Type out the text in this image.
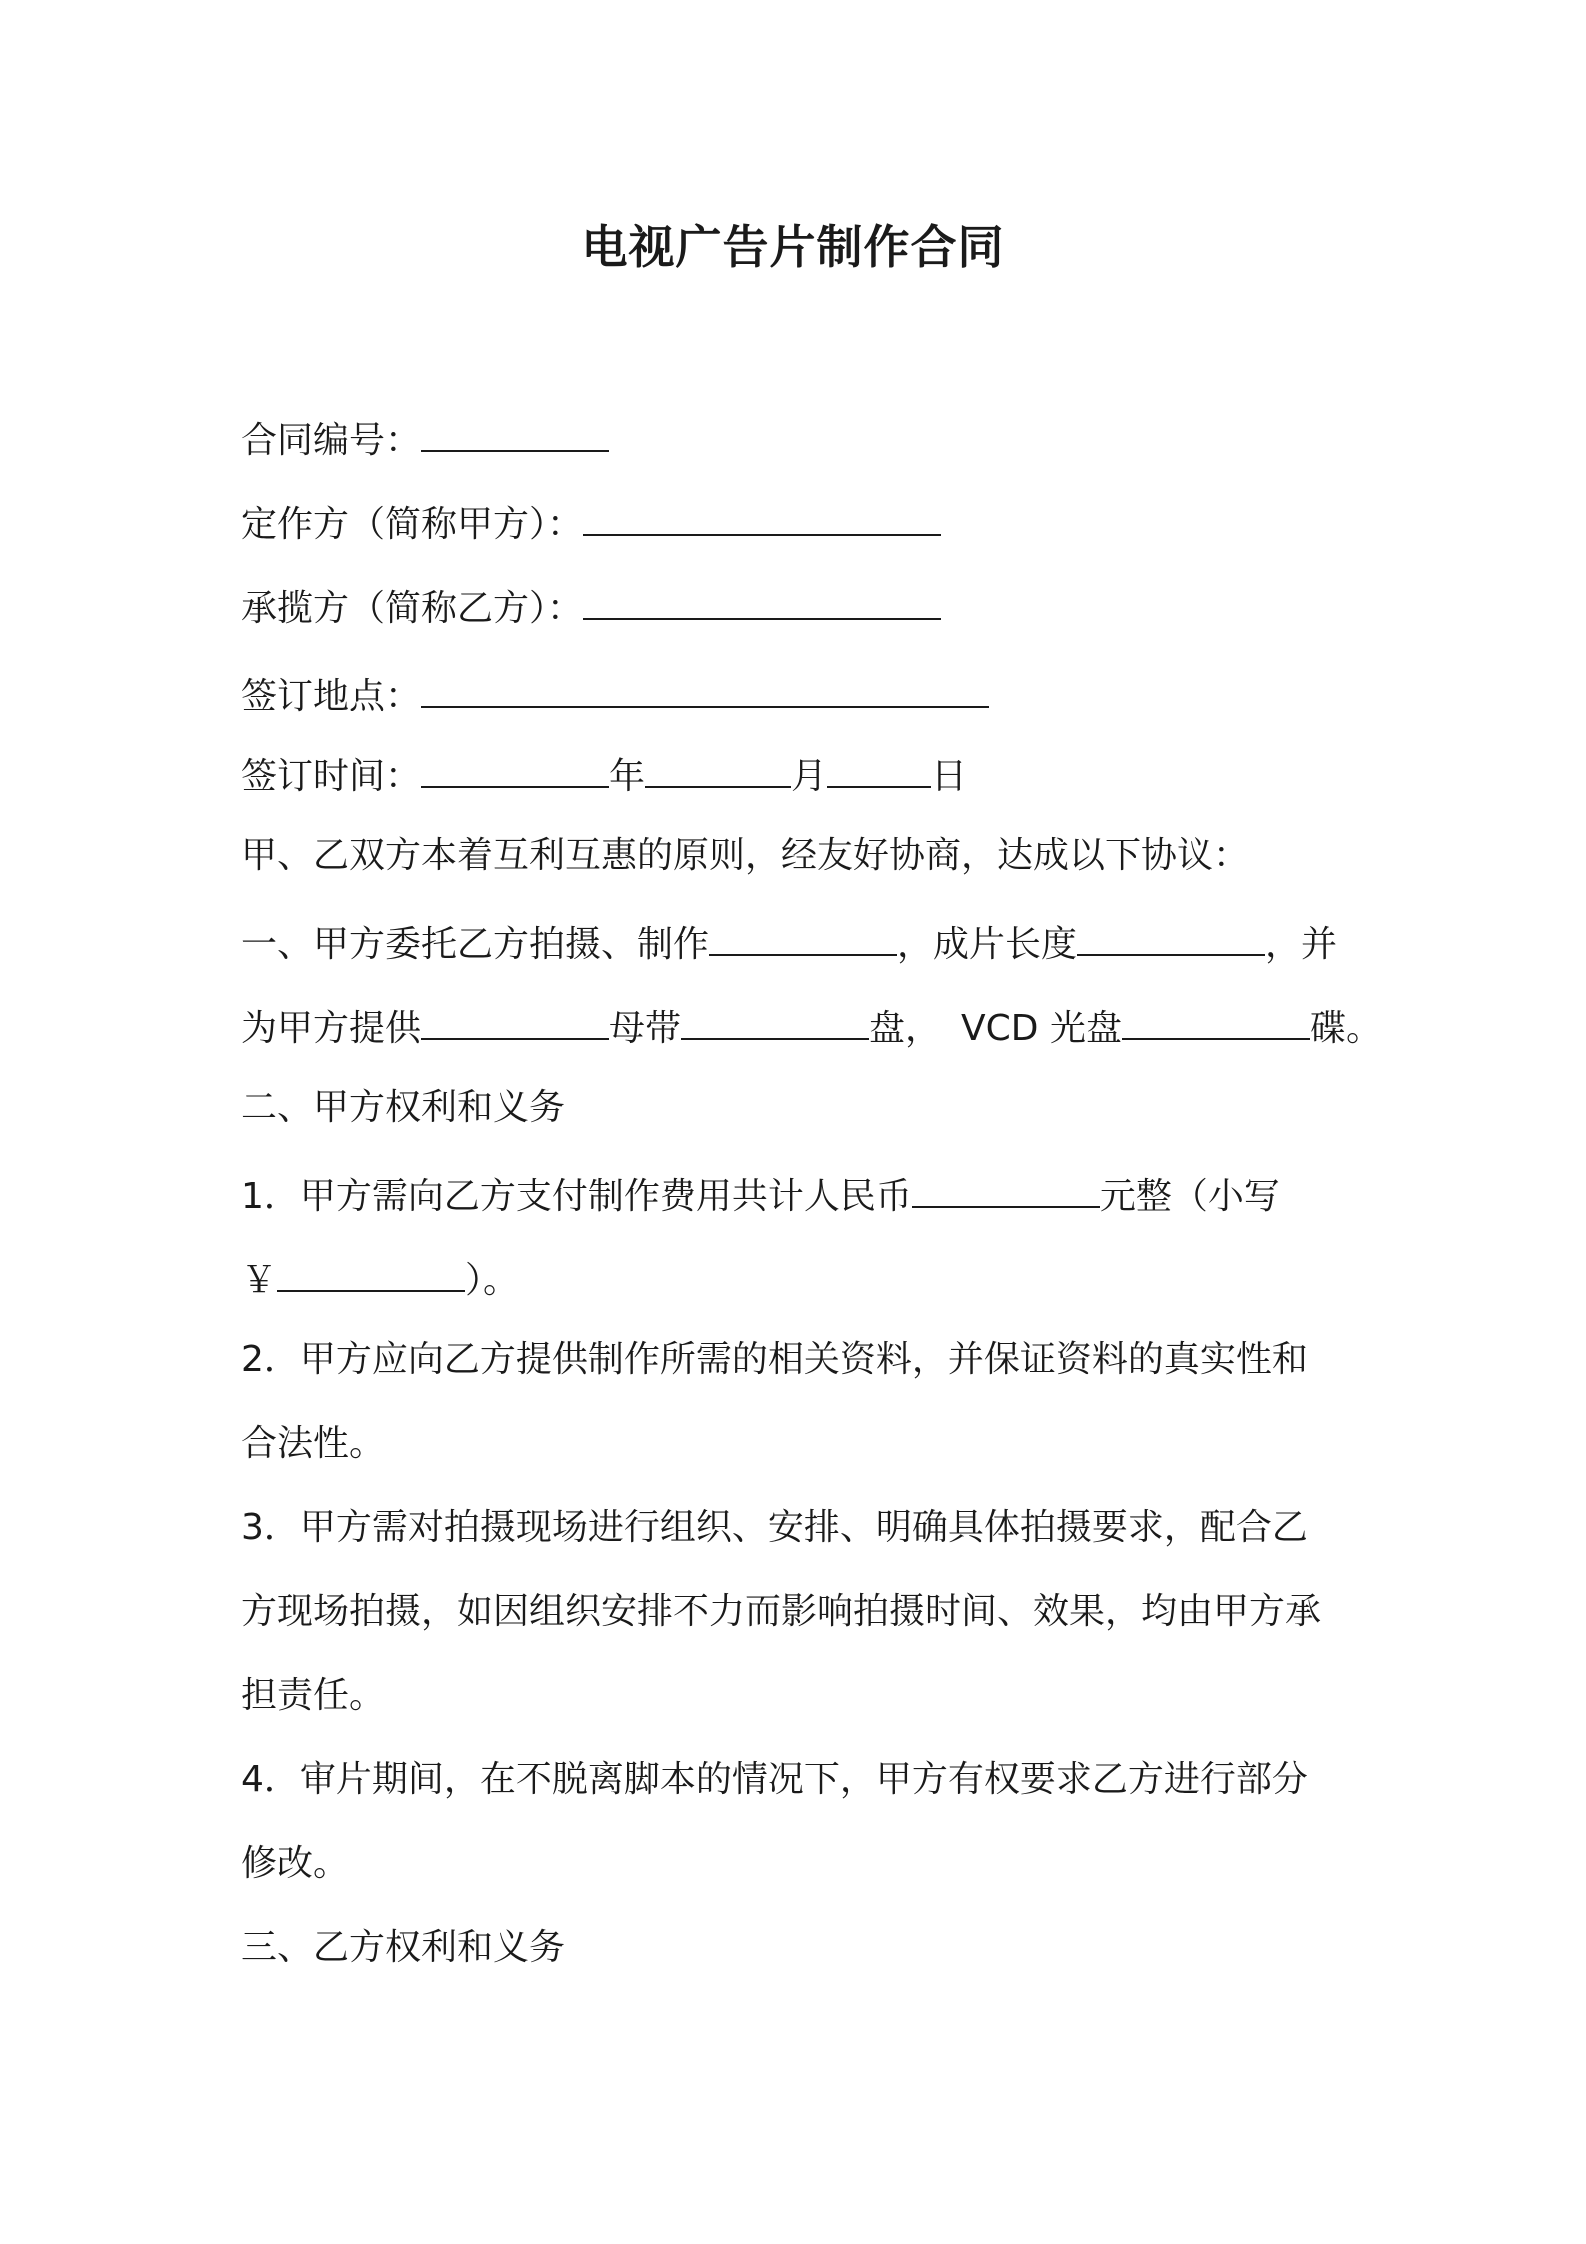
电视广告片制作合同
合同编号：
定作方（简称甲方）：
承揽方（简称乙方）：
签订地点：
签订时间：	年	月	日
甲、乙双方本着互利互惠的原则，经友好协商，达成以下协议：
一、甲方委托乙方拍摄、制作	，成片长度	，并
为甲方提供	母带	盘， VCD 光盘	碟。
二、甲方权利和义务
1．甲方需向乙方支付制作费用共计人民币	元整（小写
￥	）。
2．甲方应向乙方提供制作所需的相关资料，并保证资料的真实性和
合法性。
3．甲方需对拍摄现场进行组织、安排、明确具体拍摄要求，配合乙
方现场拍摄，如因组织安排不力而影响拍摄时间、效果，均由甲方承
担责任。
4．审片期间，在不脱离脚本的情况下，甲方有权要求乙方进行部分
修改。
三、乙方权利和义务
